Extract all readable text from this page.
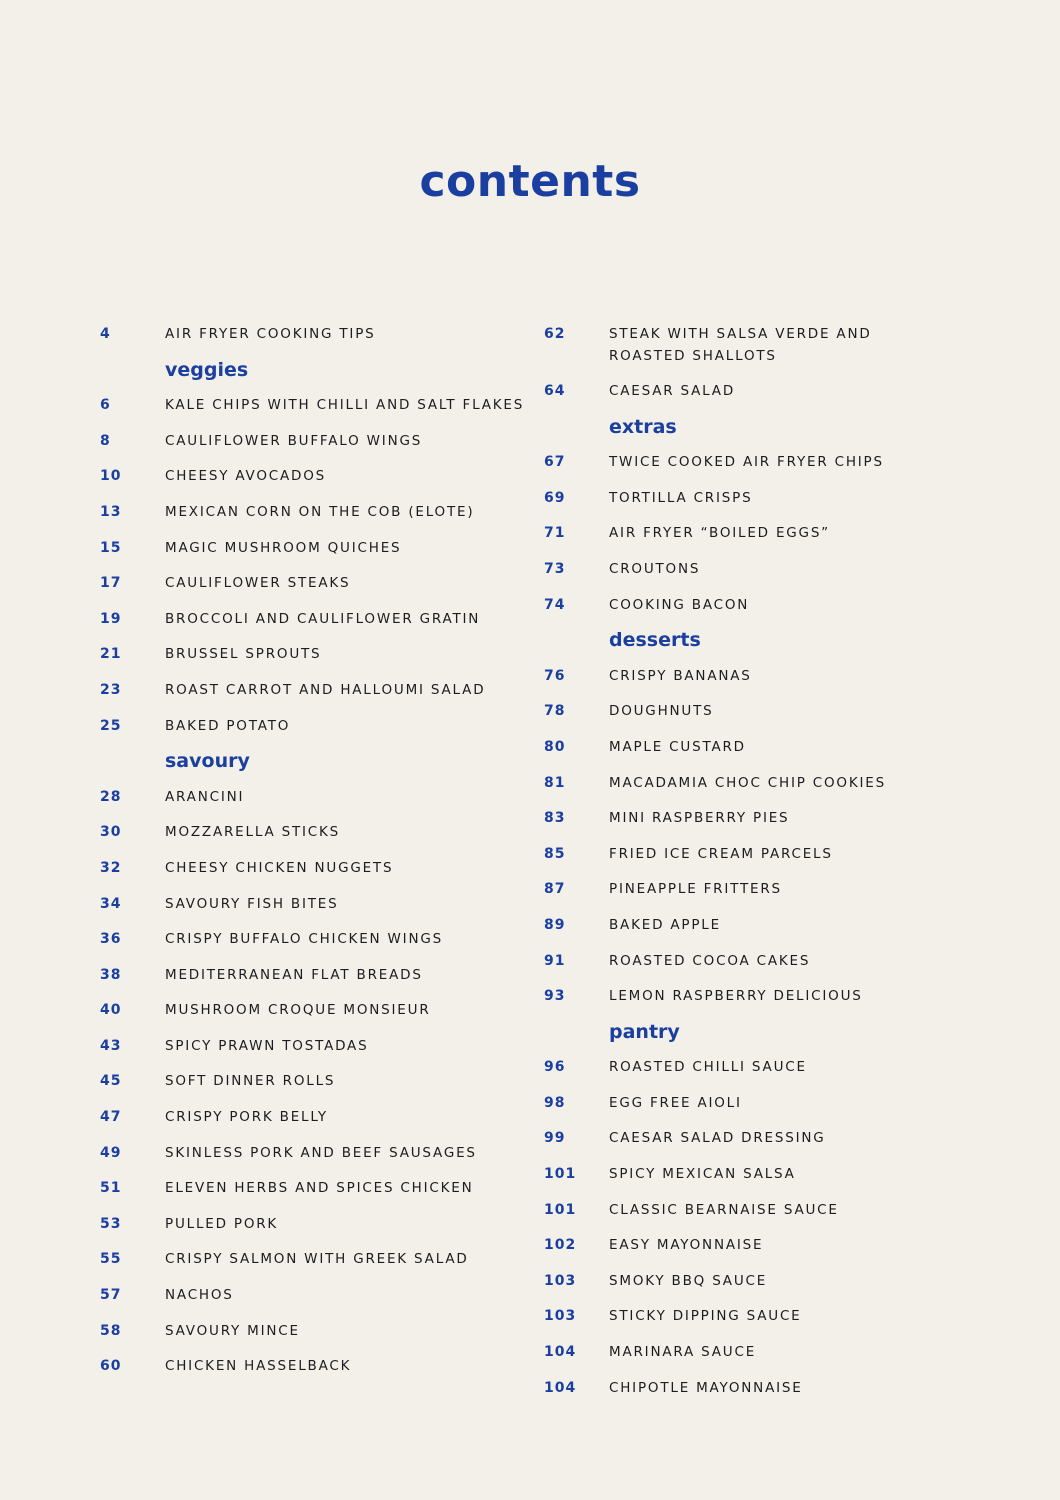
contents
4	AIR FRYER COOKING TIPS
veggies
6	KALE CHIPS WITH CHILLI AND SALT FLAKES
8	CAULIFLOWER BUFFALO WINGS
10	CHEESY AVOCADOS
13	MEXICAN CORN ON THE COB (ELOTE)
15	MAGIC MUSHROOM QUICHES
17	CAULIFLOWER STEAKS
19	BROCCOLI AND CAULIFLOWER GRATIN
21	BRUSSEL SPROUTS
23	ROAST CARROT AND HALLOUMI SALAD
25	BAKED POTATO
savoury
28	ARANCINI
30	MOZZARELLA STICKS
32	CHEESY CHICKEN NUGGETS
34	SAVOURY FISH BITES
36	CRISPY BUFFALO CHICKEN WINGS
38	MEDITERRANEAN FLAT BREADS
40	MUSHROOM CROQUE MONSIEUR
43	SPICY PRAWN TOSTADAS
45	SOFT DINNER ROLLS
47	CRISPY PORK BELLY
49	SKINLESS PORK AND BEEF SAUSAGES
51	ELEVEN HERBS AND SPICES CHICKEN
53	PULLED PORK
55	CRISPY SALMON WITH GREEK SALAD
57	NACHOS
58	SAVOURY MINCE
60	CHICKEN HASSELBACK
62	STEAK WITH SALSA VERDE AND
ROASTED SHALLOTS
64	CAESAR SALAD
extras
67	TWICE COOKED AIR FRYER CHIPS
69	TORTILLA CRISPS
71	AIR FRYER “BOILED EGGS”
73	CROUTONS
74	COOKING BACON
desserts
76	CRISPY BANANAS
78	DOUGHNUTS
80	MAPLE CUSTARD
81	MACADAMIA CHOC CHIP COOKIES
83	MINI RASPBERRY PIES
85	FRIED ICE CREAM PARCELS
87	PINEAPPLE FRITTERS
89	BAKED APPLE
91	ROASTED COCOA CAKES
93	LEMON RASPBERRY DELICIOUS
pantry
96	ROASTED CHILLI SAUCE
98	EGG FREE AIOLI
99	CAESAR SALAD DRESSING
101	SPICY MEXICAN SALSA
101	CLASSIC BEARNAISE SAUCE
102	EASY MAYONNAISE
103	SMOKY BBQ SAUCE
103	STICKY DIPPING SAUCE
104	MARINARA SAUCE
104	CHIPOTLE MAYONNAISE
